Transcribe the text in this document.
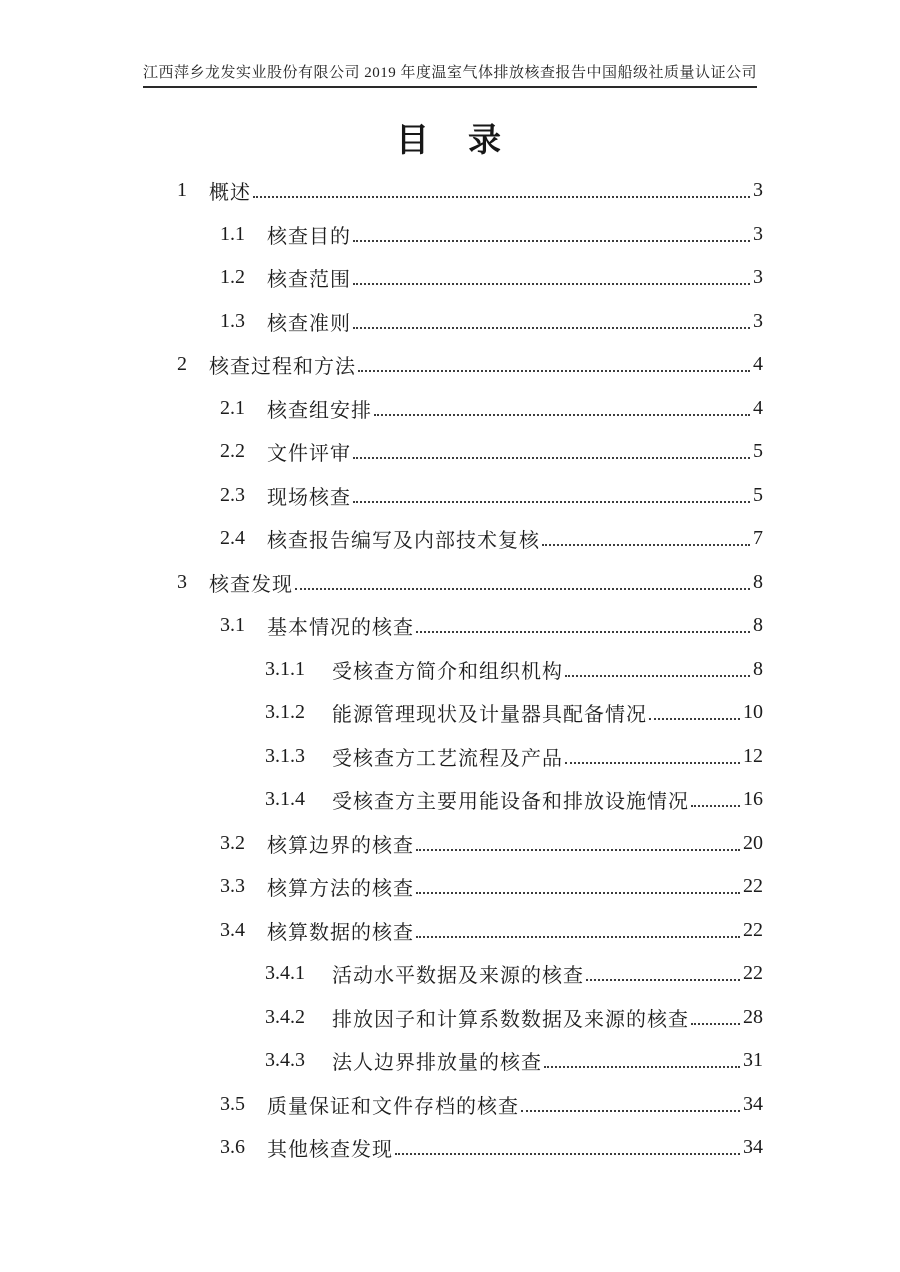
江西萍乡龙发实业股份有限公司 2019 年度温室气体排放核查报告中国船级社质量认证公司
目　录
1	概述	3
1.1	核查目的	3
1.2	核查范围	3
1.3	核查准则	3
2	核查过程和方法	4
2.1	核查组安排	4
2.2	文件评审	5
2.3	现场核查	5
2.4	核查报告编写及内部技术复核	7
3	核查发现	8
3.1	基本情况的核查	8
3.1.1	受核查方简介和组织机构	8
3.1.2	能源管理现状及计量器具配备情况	10
3.1.3	受核查方工艺流程及产品	12
3.1.4	受核查方主要用能设备和排放设施情况	16
3.2	核算边界的核查	20
3.3	核算方法的核查	22
3.4	核算数据的核查	22
3.4.1	活动水平数据及来源的核查	22
3.4.2	排放因子和计算系数数据及来源的核查	28
3.4.3	法人边界排放量的核查	31
3.5	质量保证和文件存档的核查	34
3.6	其他核查发现	34
